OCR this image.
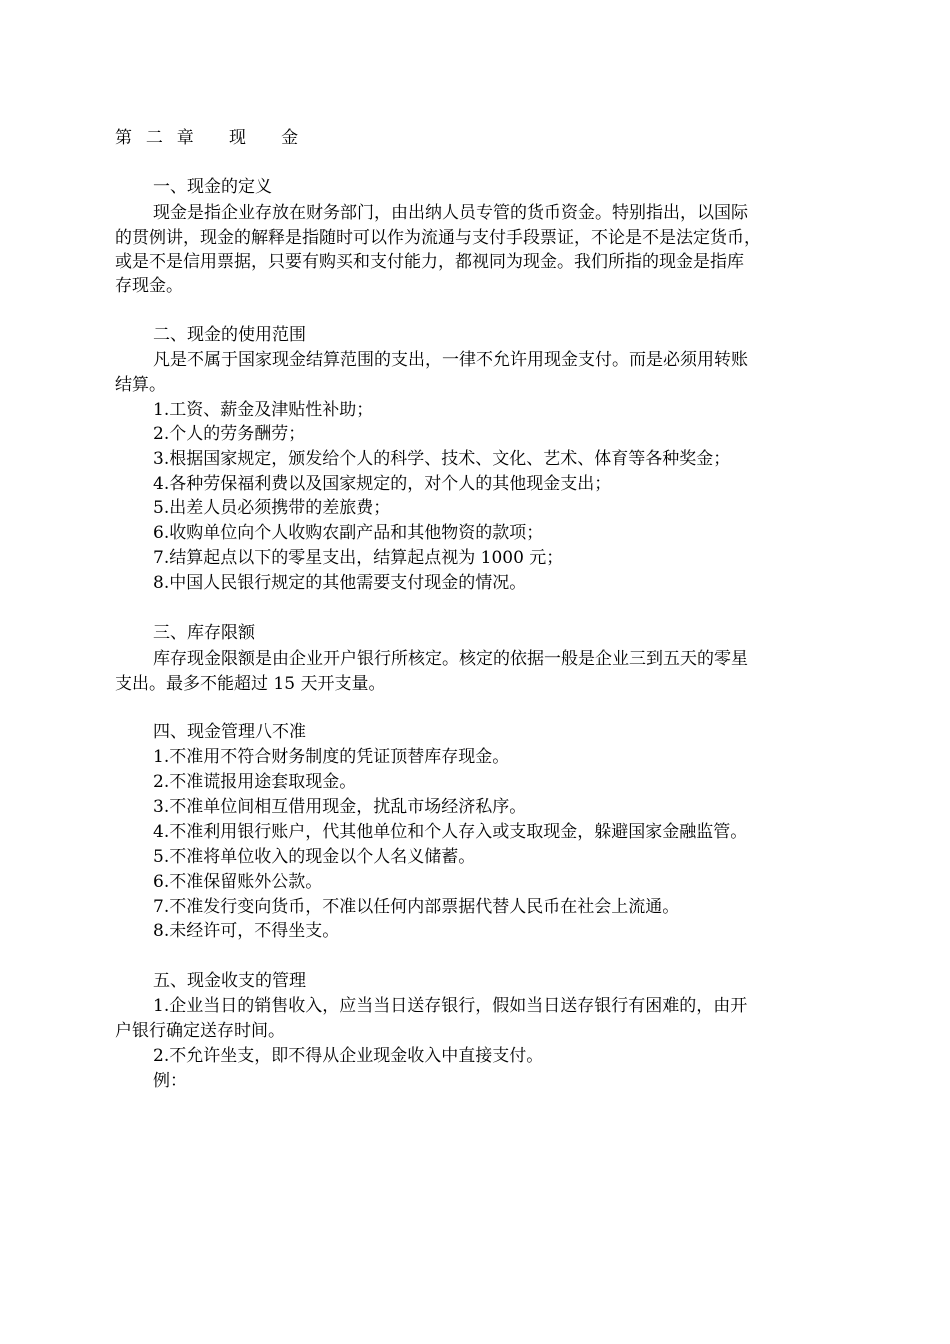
第 二 章　 现　 金
一、现金的定义
现金是指企业存放在财务部门，由出纳人员专管的货币资金。特别指出，以国际
的贯例讲，现金的解释是指随时可以作为流通与支付手段票证，不论是不是法定货币，
或是不是信用票据，只要有购买和支付能力，都视同为现金。我们所指的现金是指库
存现金。
二、现金的使用范围
凡是不属于国家现金结算范围的支出，一律不允许用现金支付。而是必须用转账
结算。
1.工资、薪金及津贴性补助；
2.个人的劳务酬劳；
3.根据国家规定，颁发给个人的科学、技术、文化、艺术、体育等各种奖金；
4.各种劳保福利费以及国家规定的，对个人的其他现金支出；
5.出差人员必须携带的差旅费；
6.收购单位向个人收购农副产品和其他物资的款项；
7.结算起点以下的零星支出，结算起点视为 1000 元；
8.中国人民银行规定的其他需要支付现金的情况。
三、库存限额
库存现金限额是由企业开户银行所核定。核定的依据一般是企业三到五天的零星
支出。最多不能超过 15 天开支量。
四、现金管理八不准
1.不准用不符合财务制度的凭证顶替库存现金。
2.不准谎报用途套取现金。
3.不准单位间相互借用现金，扰乱市场经济私序。
4.不准利用银行账户，代其他单位和个人存入或支取现金，躲避国家金融监管。
5.不准将单位收入的现金以个人名义储蓄。
6.不准保留账外公款。
7.不准发行变向货币，不准以任何内部票据代替人民币在社会上流通。
8.未经许可，不得坐支。
五、现金收支的管理
1.企业当日的销售收入，应当当日送存银行，假如当日送存银行有困难的，由开
户银行确定送存时间。
2.不允许坐支，即不得从企业现金收入中直接支付。
例：
